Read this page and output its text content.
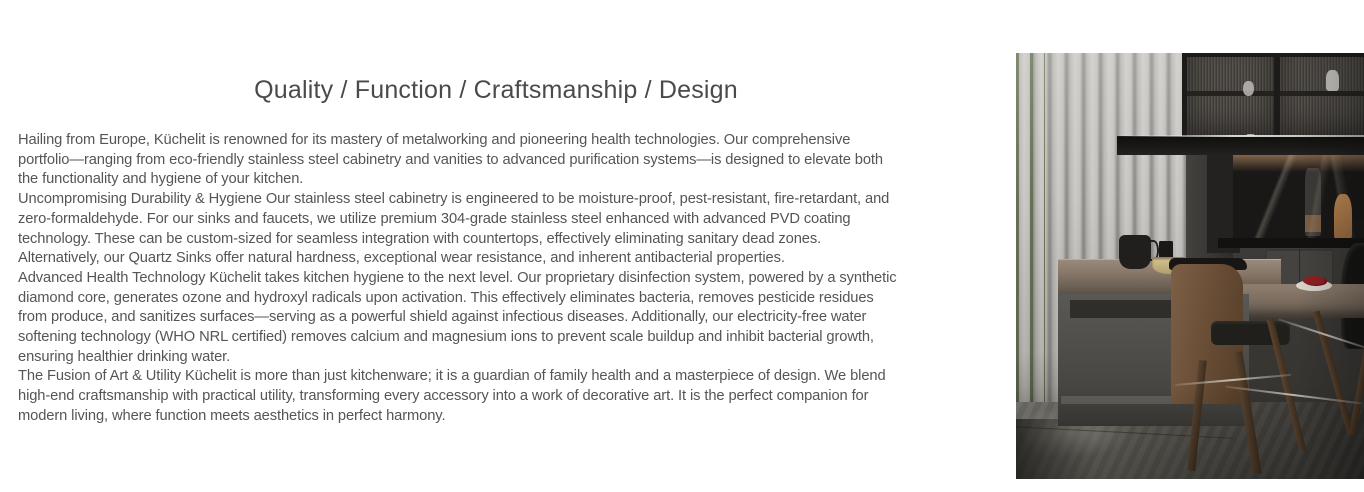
Quality / Function / Craftsmanship / Design
Hailing from Europe, Küchelit is renowned for its mastery of metalworking and pioneering health technologies. Our comprehensive
portfolio—ranging from eco-friendly stainless steel cabinetry and vanities to advanced purification systems—is designed to elevate both
the functionality and hygiene of your kitchen.
Uncompromising Durability & Hygiene Our stainless steel cabinetry is engineered to be moisture-proof, pest-resistant, fire-retardant, and
zero-formaldehyde. For our sinks and faucets, we utilize premium 304-grade stainless steel enhanced with advanced PVD coating
technology. These can be custom-sized for seamless integration with countertops, effectively eliminating sanitary dead zones.
Alternatively, our Quartz Sinks offer natural hardness, exceptional wear resistance, and inherent antibacterial properties.
Advanced Health Technology Küchelit takes kitchen hygiene to the next level. Our proprietary disinfection system, powered by a synthetic
diamond core, generates ozone and hydroxyl radicals upon activation. This effectively eliminates bacteria, removes pesticide residues
from produce, and sanitizes surfaces—serving as a powerful shield against infectious diseases. Additionally, our electricity-free water
softening technology (WHO NRL certified) removes calcium and magnesium ions to prevent scale buildup and inhibit bacterial growth,
ensuring healthier drinking water.
The Fusion of Art & Utility Küchelit is more than just kitchenware; it is a guardian of family health and a masterpiece of design. We blend
high-end craftsmanship with practical utility, transforming every accessory into a work of decorative art. It is the perfect companion for
modern living, where function meets aesthetics in perfect harmony.
